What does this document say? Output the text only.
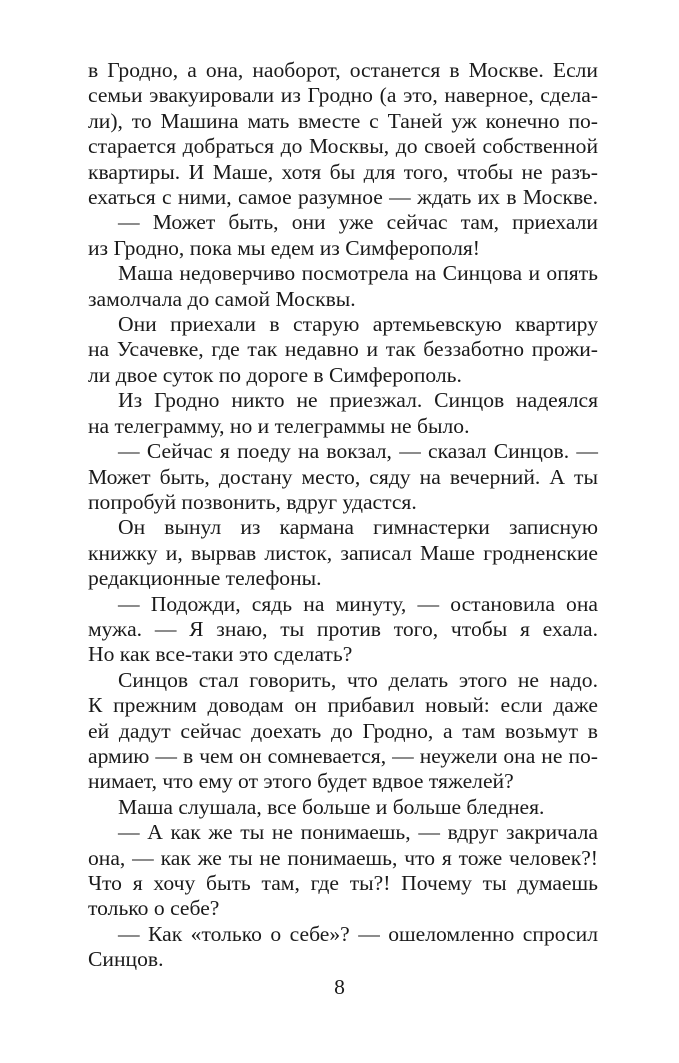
в Гродно, а она, наоборот, останется в Москве. Если
семьи эвакуировали из Гродно (а это, наверное, сдела-
ли), то Машина мать вместе с Таней уж конечно по-
старается добраться до Москвы, до своей собственной
квартиры. И Маше, хотя бы для того, чтобы не разъ-
ехаться с ними, самое разумное — ждать их в Москве.
— Может быть, они уже сейчас там, приехали
из Гродно, пока мы едем из Симферополя!
Маша недоверчиво посмотрела на Синцова и опять
замолчала до самой Москвы.
Они приехали в старую артемьевскую квартиру
на Усачевке, где так недавно и так беззаботно прожи-
ли двое суток по дороге в Симферополь.
Из Гродно никто не приезжал. Синцов надеялся
на телеграмму, но и телеграммы не было.
— Сейчас я поеду на вокзал, — сказал Синцов. —
Может быть, достану место, сяду на вечерний. А ты
попробуй позвонить, вдруг удастся.
Он вынул из кармана гимнастерки записную
книжку и, вырвав листок, записал Маше гродненские
редакционные телефоны.
— Подожди, сядь на минуту, — остановила она
мужа. — Я знаю, ты против того, чтобы я ехала.
Но как все-таки это сделать?
Синцов стал говорить, что делать этого не надо.
К прежним доводам он прибавил новый: если даже
ей дадут сейчас доехать до Гродно, а там возьмут в
армию — в чем он сомневается, — неужели она не по-
нимает, что ему от этого будет вдвое тяжелей?
Маша слушала, все больше и больше бледнея.
— А как же ты не понимаешь, — вдруг закричала
она, — как же ты не понимаешь, что я тоже человек?!
Что я хочу быть там, где ты?! Почему ты думаешь
только о себе?
— Как «только о себе»? — ошеломленно спросил
Синцов.
8
